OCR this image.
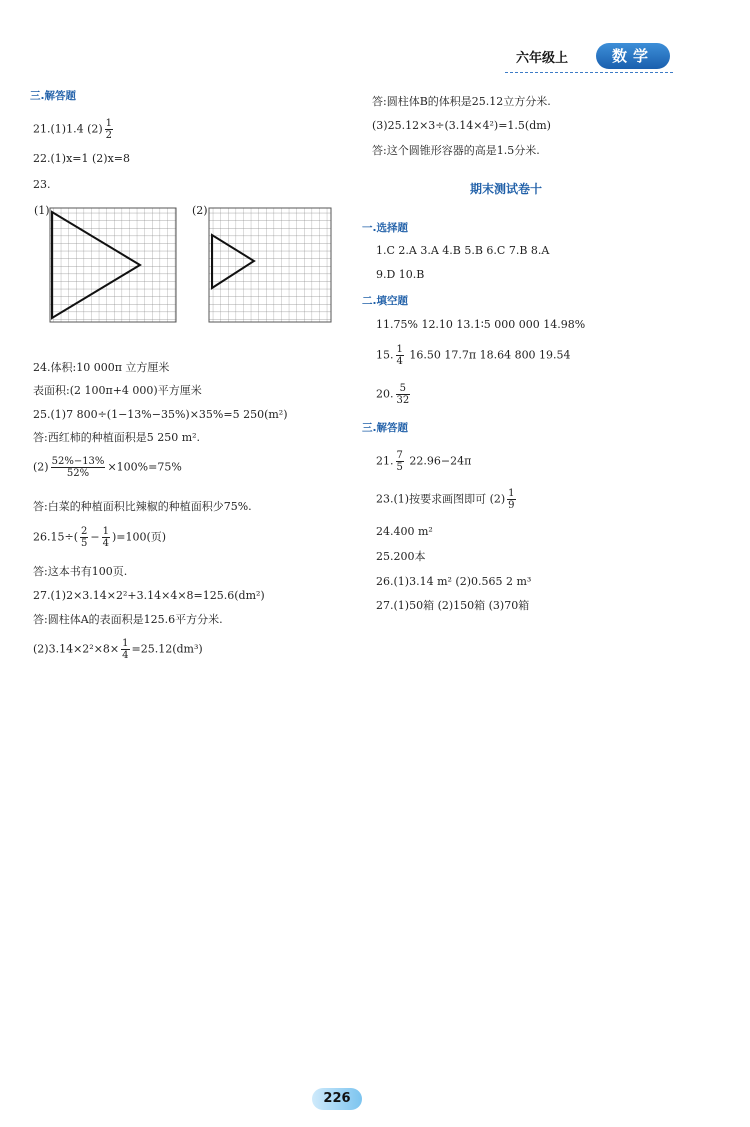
六年级上	数学
三.解答题
21.(1)1.4 $(2) \frac{1}{2}$
22.(1)x=1 (2)x=8
23.
(1)	(2)
24.体积:10 000π 立方厘米
表面积:(2 100π+4 000)平方厘米
25.(1)7 800÷(1−13%−35%)×35%=5 250(m²)
答:西红柿的种植面积是5 250 m².
$(2) \frac{52\%-13\%}{52\%} \times 100\%=75\%$
答:白菜的种植面积比辣椒的种植面积少75%.
$26.15\div( \frac{2}{5} - \frac{1}{4} )=100$(页)
答:这本书有100页.
27.(1)2×3.14×2²+3.14×4×8=125.6(dm²)
答:圆柱体A的表面积是125.6平方分米.
$(2)3.14\times 2^2\times 8\times \frac{1}{4} =25.12(dm^3)$
答:圆柱体B的体积是25.12立方分米.
(3)25.12×3÷(3.14×4²)=1.5(dm)
答:这个圆锥形容器的高是1.5分米.
期末测试卷十
一.选择题
1.C 2.A 3.A 4.B 5.B 6.C 7.B 8.A
9.D 10.B
二.填空题
11.75% 12.10 13.1∶5 000 000 14.98%
15. $\frac{1}{4} 16.50$ 17.7π 18.64 800 19.54
20. $\frac{5}{32}$
三.解答题
21. $\frac{7}{5} 22.96-24\pi$
23.(1)按要求画图即可 $(2) \frac{1}{9}$
24.400 m²
25.200本
26.(1)3.14 m² (2)0.565 2 m³
27.(1)50箱 (2)150箱 (3)70箱
226
